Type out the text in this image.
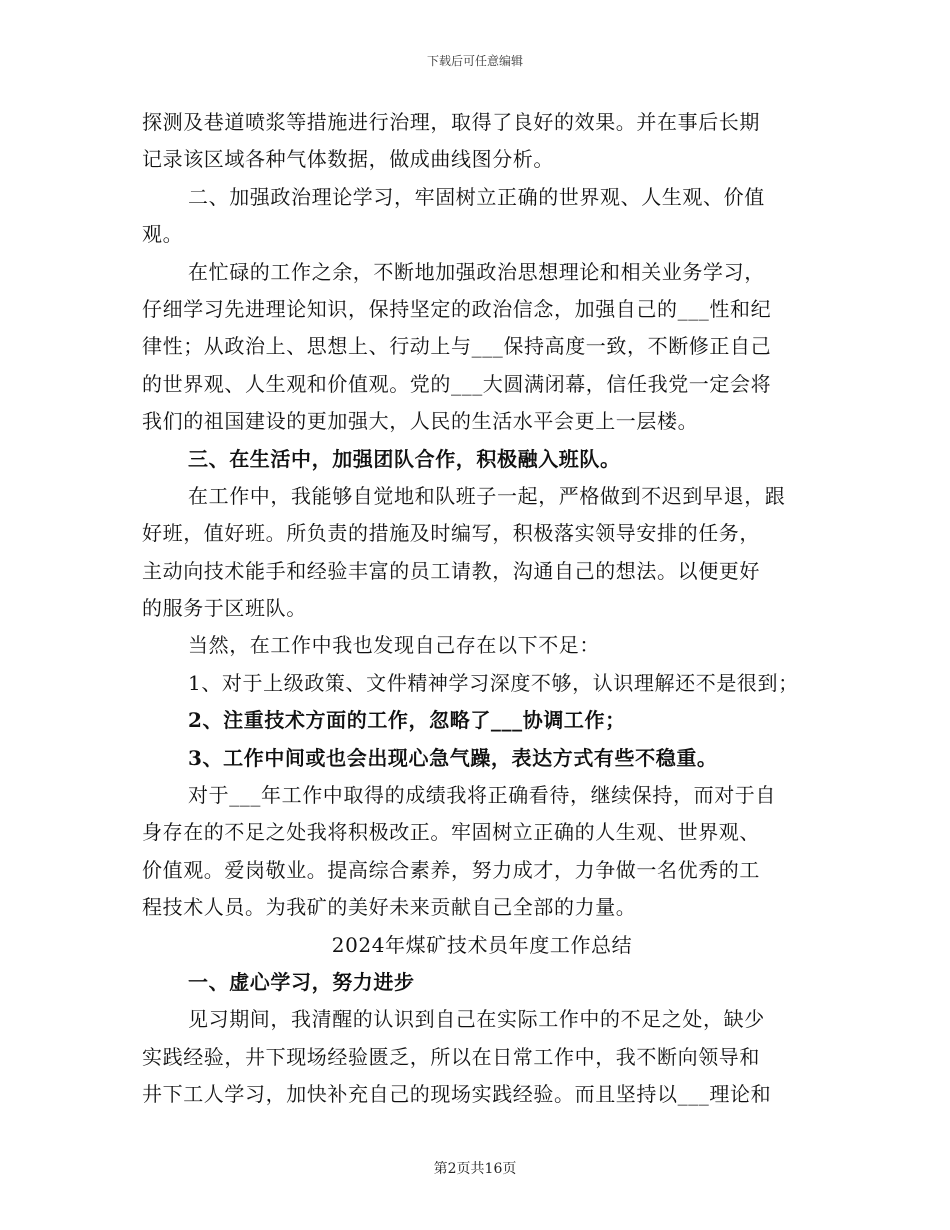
下载后可任意编辑
探测及巷道喷浆等措施进行治理，取得了良好的效果。并在事后长期
记录该区域各种气体数据，做成曲线图分析。
二、加强政治理论学习，牢固树立正确的世界观、人生观、价值
观。
在忙碌的工作之余，不断地加强政治思想理论和相关业务学习，
仔细学习先进理论知识，保持坚定的政治信念，加强自己的___性和纪
律性；从政治上、思想上、行动上与___保持高度一致，不断修正自己
的世界观、人生观和价值观。党的___大圆满闭幕，信任我党一定会将
我们的祖国建设的更加强大，人民的生活水平会更上一层楼。
三、在生活中，加强团队合作，积极融入班队。
在工作中，我能够自觉地和队班子一起，严格做到不迟到早退，跟
好班，值好班。所负责的措施及时编写，积极落实领导安排的任务，
主动向技术能手和经验丰富的员工请教，沟通自己的想法。以便更好
的服务于区班队。
当然，在工作中我也发现自己存在以下不足：
1、对于上级政策、文件精神学习深度不够，认识理解还不是很到；
2、注重技术方面的工作，忽略了___协调工作；
3、工作中间或也会出现心急气躁，表达方式有些不稳重。
对于___年工作中取得的成绩我将正确看待，继续保持，而对于自
身存在的不足之处我将积极改正。牢固树立正确的人生观、世界观、
价值观。爱岗敬业。提高综合素养，努力成才，力争做一名优秀的工
程技术人员。为我矿的美好未来贡献自己全部的力量。
2024年煤矿技术员年度工作总结
一、虚心学习，努力进步
见习期间，我清醒的认识到自己在实际工作中的不足之处，缺少
实践经验，井下现场经验匮乏，所以在日常工作中，我不断向领导和
井下工人学习，加快补充自己的现场实践经验。而且坚持以___理论和
第2页共16页
